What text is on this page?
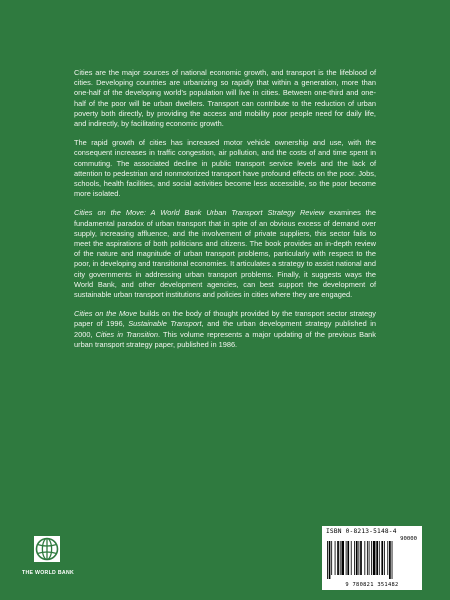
Cities are the major sources of national economic growth, and transport is the lifeblood of cities. Developing countries are urbanizing so rapidly that within a generation, more than one-half of the developing world’s population will live in cities. Between one-third and one-half of the poor will be urban dwellers. Transport can contribute to the reduction of urban poverty both directly, by providing the access and mobility poor people need for daily life, and indirectly, by facilitating economic growth.

The rapid growth of cities has increased motor vehicle ownership and use, with the consequent increases in traffic congestion, air pollution, and the costs of and time spent in commuting. The associated decline in public transport service levels and the lack of attention to pedestrian and nonmotorized transport have profound effects on the poor. Jobs, schools, health facilities, and social activities become less accessible, so the poor become more isolated.

Cities on the Move: A World Bank Urban Transport Strategy Review examines the fundamental paradox of urban transport that in spite of an obvious excess of demand over supply, increasing affluence, and the involvement of private suppliers, this sector fails to meet the aspirations of both politicians and citizens. The book provides an in-depth review of the nature and magnitude of urban transport problems, particularly with respect to the poor, in developing and transitional economies. It articulates a strategy to assist national and city governments in addressing urban transport problems. Finally, it suggests ways the World Bank, and other development agencies, can best support the development of sustainable urban transport institutions and policies in cities where they are engaged.

Cities on the Move builds on the body of thought provided by the transport sector strategy paper of 1996, Sustainable Transport, and the urban development strategy published in 2000, Cities in Transition. This volume represents a major updating of the previous Bank urban transport strategy paper, published in 1986.

THE WORLD BANK
ISBN 0-8213-5148-4
90000
9 780821 351482
